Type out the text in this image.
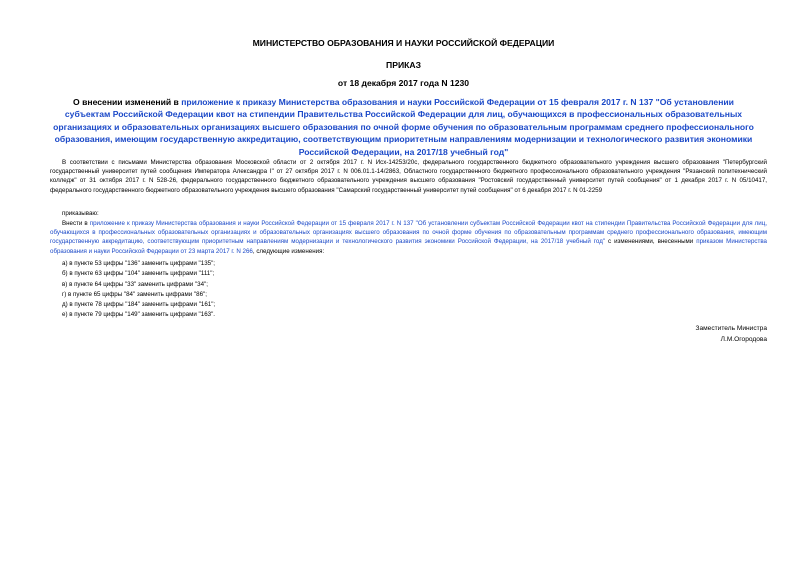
МИНИСТЕРСТВО ОБРАЗОВАНИЯ И НАУКИ РОССИЙСКОЙ ФЕДЕРАЦИИ
ПРИКАЗ
от 18 декабря 2017 года N 1230
О внесении изменений в приложение к приказу Министерства образования и науки Российской Федерации от 15 февраля 2017 г. N 137 "Об установлении субъектам Российской Федерации квот на стипендии Правительства Российской Федерации для лиц, обучающихся в профессиональных образовательных организациях и образовательных организациях высшего образования по очной форме обучения по образовательным программам среднего профессионального образования, имеющим государственную аккредитацию, соответствующим приоритетным направлениям модернизации и технологического развития экономики Российской Федерации, на 2017/18 учебный год"
В соответствии с письмами Министерства образования Московской области от 2 октября 2017 г. N Исх-14253/20с, федерального государственного бюджетного образовательного учреждения высшего образования "Петербургский государственный университет путей сообщения Императора Александра I" от 27 октября 2017 г. N 006.01.1-14/2863, Областного государственного бюджетного профессионального образовательного учреждения "Рязанский политехнический колледж" от 31 октября 2017 г. N 528-26, федерального государственного бюджетного образовательного учреждения высшего образования "Ростовский государственный университет путей сообщения" от 1 декабря 2017 г. N 05/10417, федерального государственного бюджетного образовательного учреждения высшего образования "Самарский государственный университет путей сообщения" от 6 декабря 2017 г. N 01-2259
приказываю:
Внести в приложение к приказу Министерства образования и науки Российской Федерации от 15 февраля 2017 г. N 137 "Об установлении субъектам Российской Федерации квот на стипендии Правительства Российской Федерации для лиц, обучающихся в профессиональных образовательных организациях и образовательных организациях высшего образования по очной форме обучения по образовательным программам среднего профессионального образования, имеющим государственную аккредитацию, соответствующим приоритетным направлениям модернизации и технологического развития экономики Российской Федерации, на 2017/18 учебный год" с изменениями, внесенными приказом Министерства образования и науки Российской Федерации от 23 марта 2017 г. N 266, следующие изменения:
а) в пункте 53 цифры "136" заменить цифрами "135";
б) в пункте 63 цифры "104" заменить цифрами "111";
в) в пункте 64 цифры "33" заменить цифрами "34";
г) в пункте 65 цифры "84" заменить цифрами "86";
д) в пункте 78 цифры "184" заменить цифрами "161";
е) в пункте 79 цифры "149" заменить цифрами "163".
Заместитель Министра
Л.М.Огородова
